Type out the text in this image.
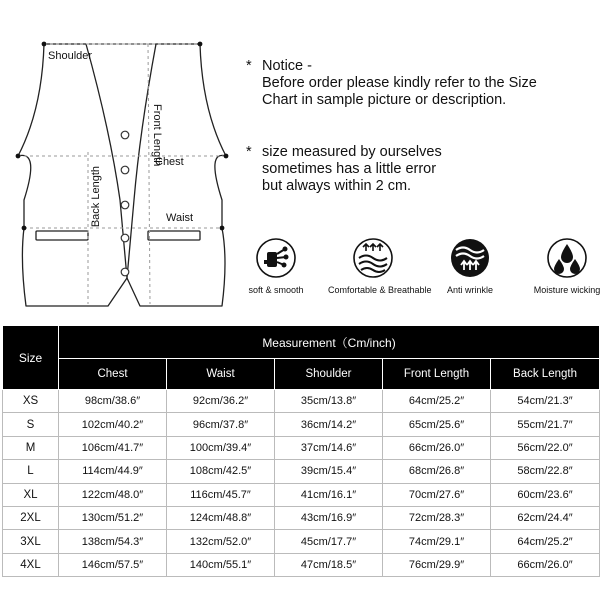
Shoulder
Front Length
Chest
Back Length	Waist
* Notice -
Before order please kindly refer to the Size
Chart in sample picture or description.
* size measured by ourselves
sometimes has a little error
but always within 2 cm.
soft & smooth	Comfortable & Breathable	Anti wrinkle	Moisture wicking
Size	Measurement（Cm/inch)				
	Chest	Waist	Shoulder	Front Length	Back Length
XS	98cm/38.6″	92cm/36.2″	35cm/13.8″	64cm/25.2″	54cm/21.3″
S	102cm/40.2″	96cm/37.8″	36cm/14.2″	65cm/25.6″	55cm/21.7″
M	106cm/41.7″	100cm/39.4″	37cm/14.6″	66cm/26.0″	56cm/22.0″
L	114cm/44.9″	108cm/42.5″	39cm/15.4″	68cm/26.8″	58cm/22.8″
XL	122cm/48.0″	116cm/45.7″	41cm/16.1″	70cm/27.6″	60cm/23.6″
2XL	130cm/51.2″	124cm/48.8″	43cm/16.9″	72cm/28.3″	62cm/24.4″
3XL	138cm/54.3″	132cm/52.0″	45cm/17.7″	74cm/29.1″	64cm/25.2″
4XL	146cm/57.5″	140cm/55.1″	47cm/18.5″	76cm/29.9″	66cm/26.0″
